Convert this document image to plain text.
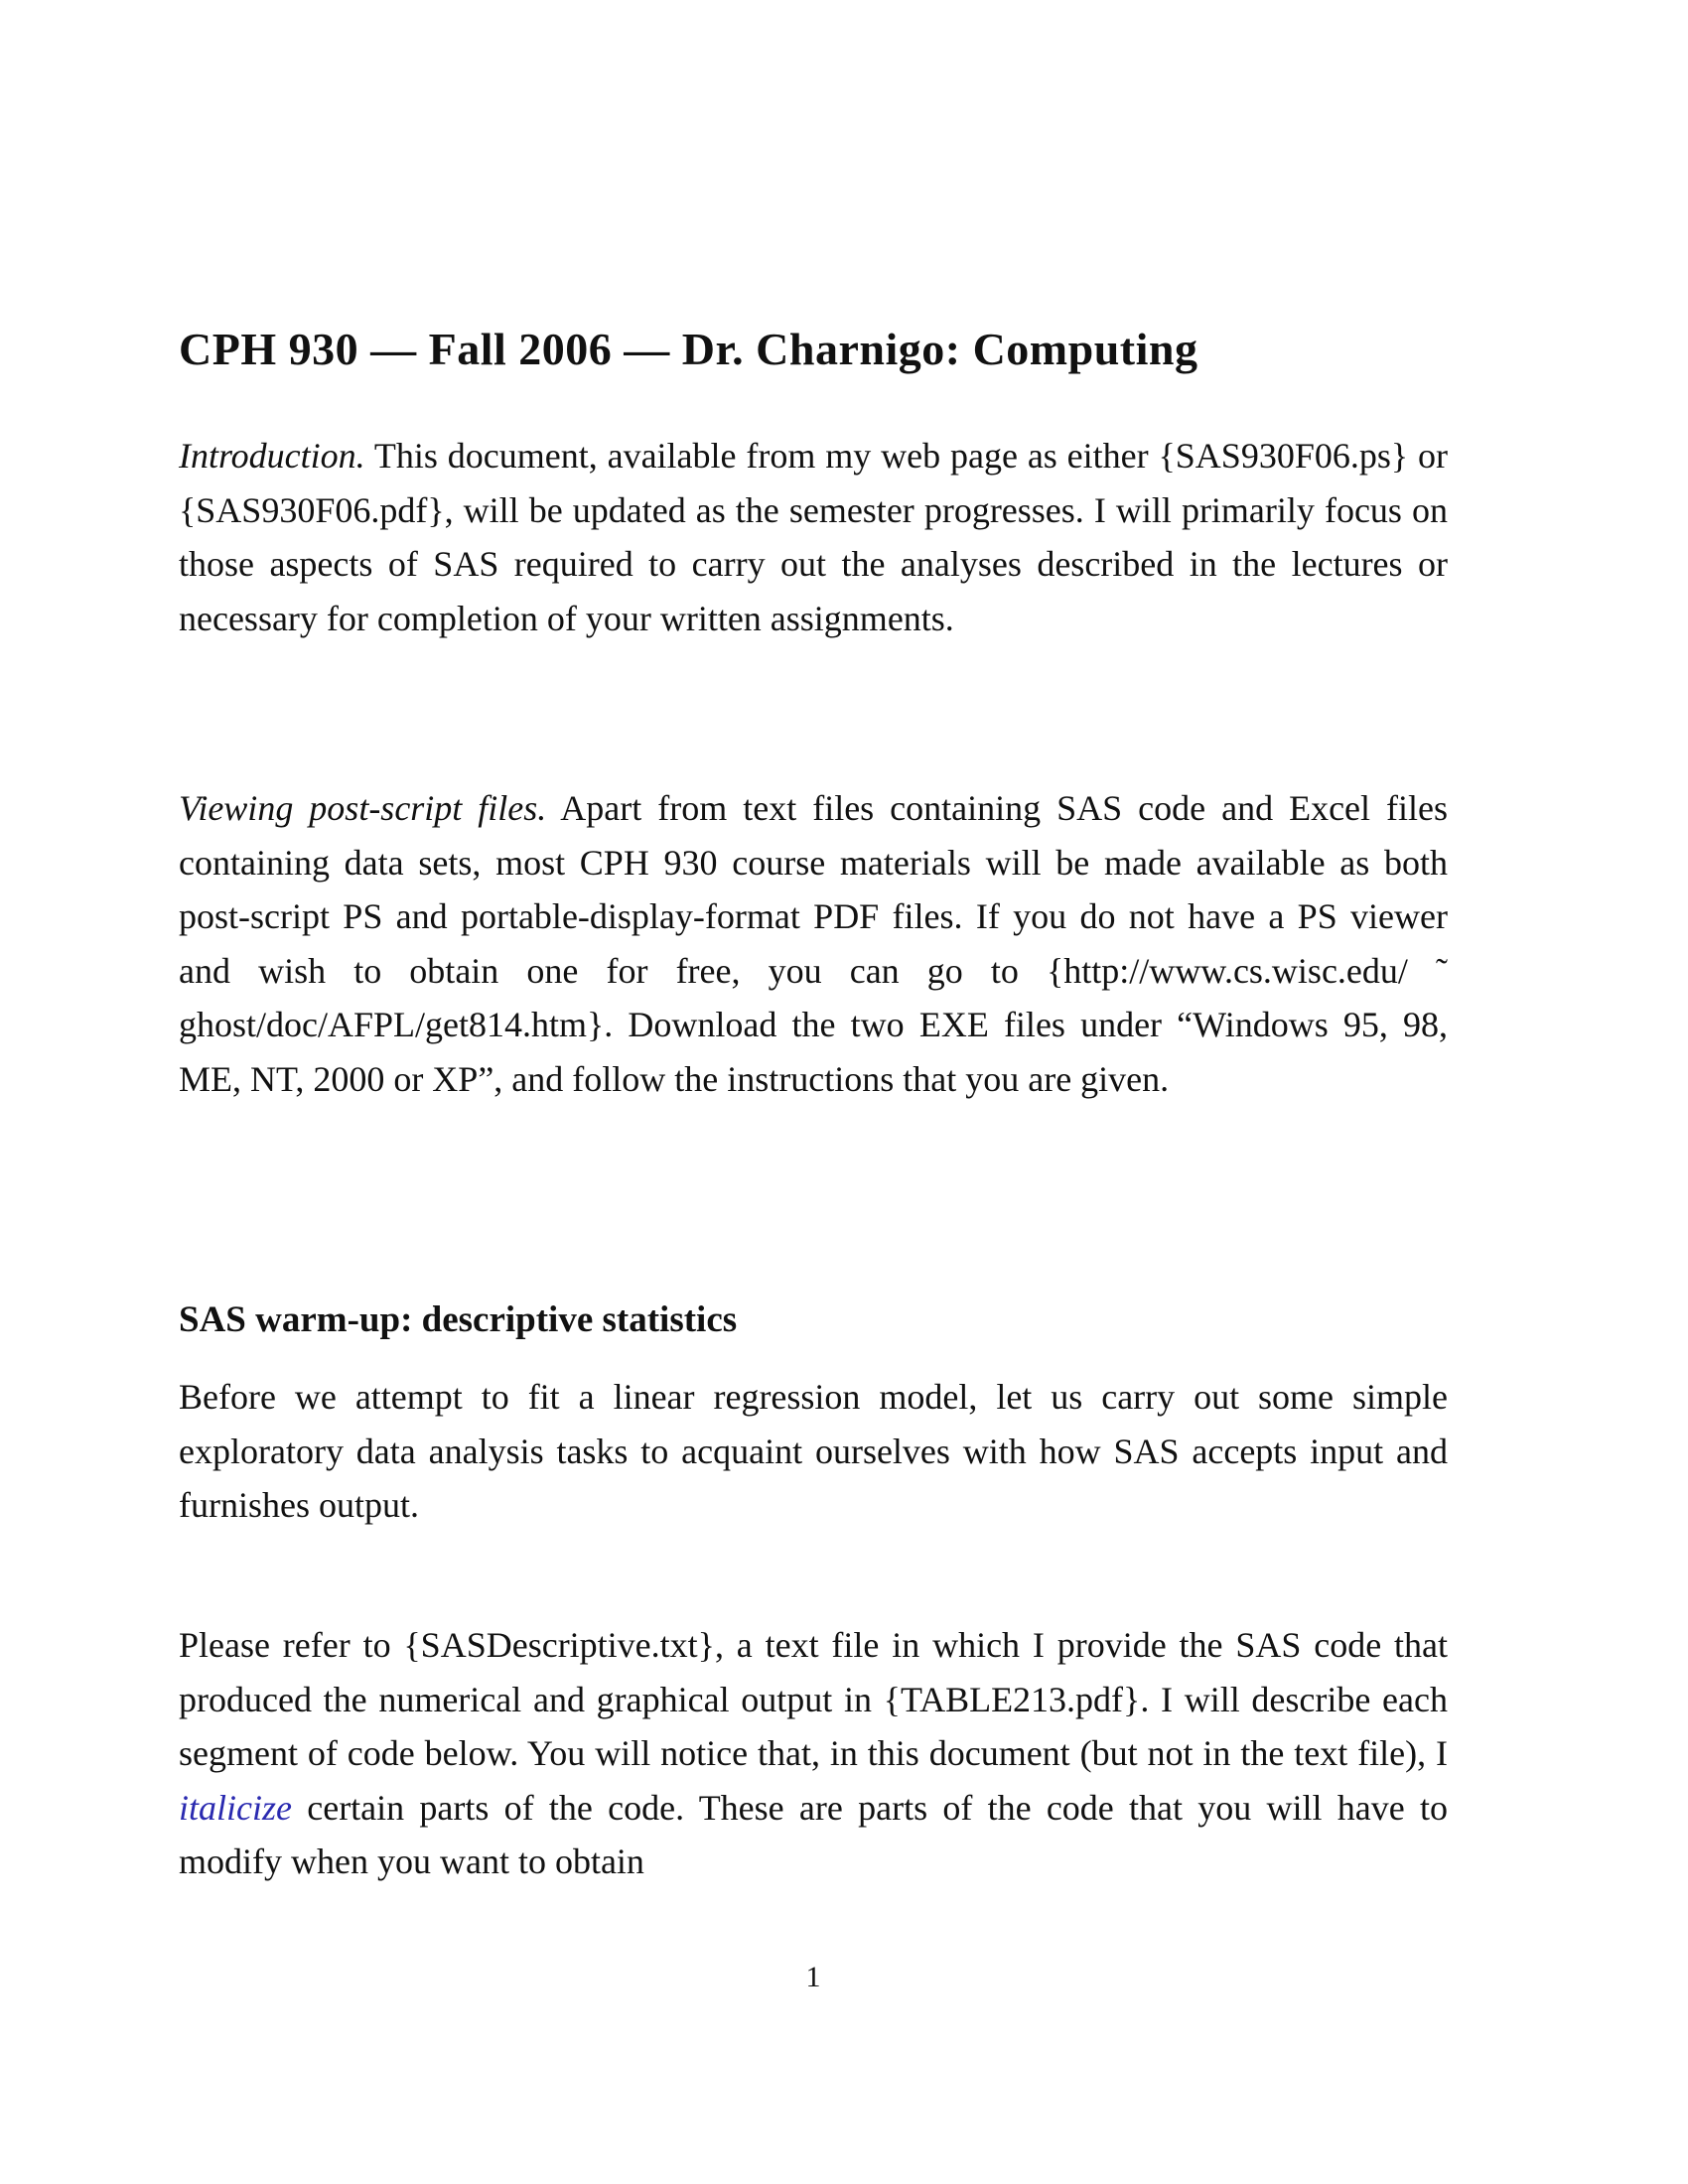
CPH 930 — Fall 2006 — Dr. Charnigo: Computing
Introduction. This document, available from my web page as either {SAS930F06.ps} or {SAS930F06.pdf}, will be updated as the semester progresses. I will primarily focus on those aspects of SAS required to carry out the analyses described in the lectures or necessary for completion of your written assignments.
Viewing post-script files. Apart from text files containing SAS code and Excel files containing data sets, most CPH 930 course materials will be made available as both post-script PS and portable-display-format PDF files. If you do not have a PS viewer and wish to obtain one for free, you can go to {http://www.cs.wisc.edu/ ˜ ghost/doc/AFPL/get814.htm}. Download the two EXE files under “Windows 95, 98, ME, NT, 2000 or XP”, and follow the instructions that you are given.
SAS warm-up: descriptive statistics
Before we attempt to fit a linear regression model, let us carry out some simple exploratory data analysis tasks to acquaint ourselves with how SAS accepts input and furnishes output.
Please refer to {SASDescriptive.txt}, a text file in which I provide the SAS code that produced the numerical and graphical output in {TABLE213.pdf}. I will describe each segment of code below. You will notice that, in this document (but not in the text file), I italicize certain parts of the code. These are parts of the code that you will have to modify when you want to obtain
1
